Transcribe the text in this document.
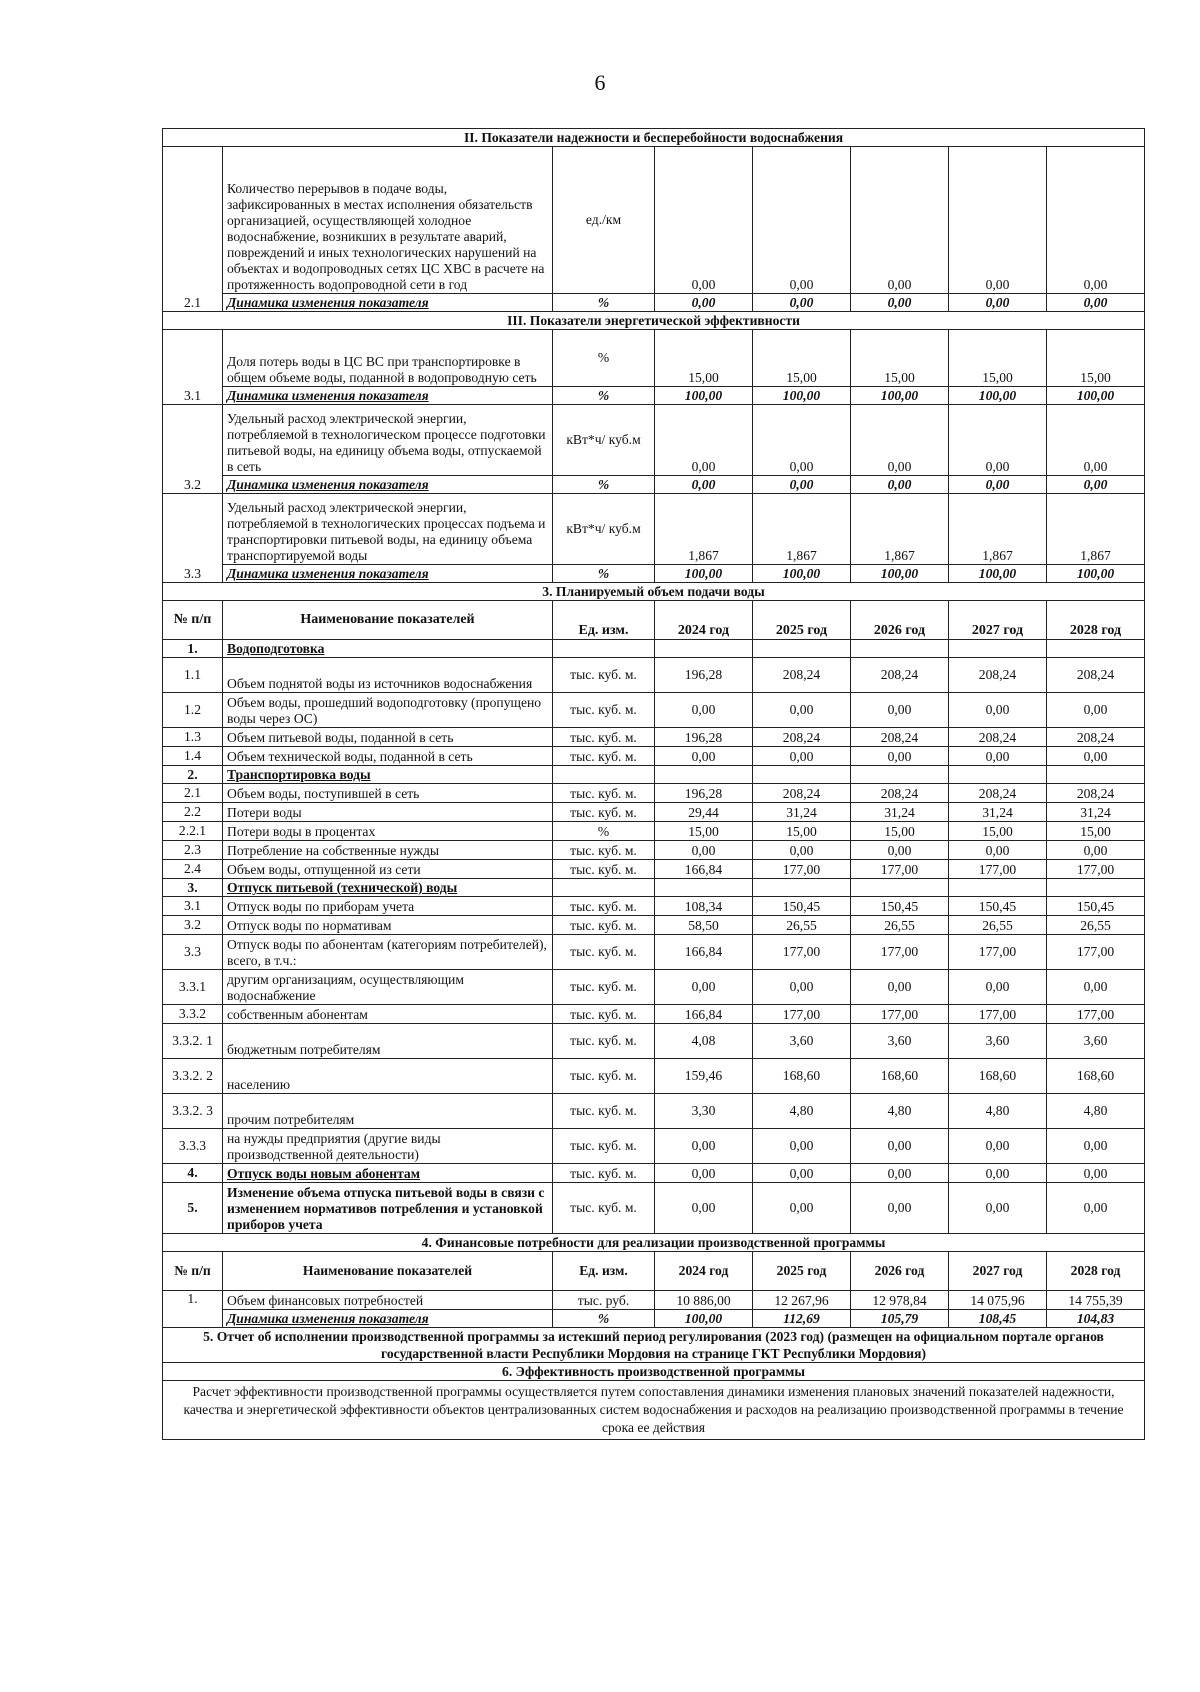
6
II. Показатели надежности и бесперебойности водоснабжения							
2.1	Количество перерывов в подаче воды, зафиксированных в местах исполнения обязательств организацией, осуществляющей холодное водоснабжение, возникших в результате аварий, повреждений и иных технологических нарушений на объектах и водопроводных сетях ЦС ХВС в расчете на протяженность водопроводной сети в год	ед./км	0,00	0,00	0,00	0,00	0,00
	Динамика изменения показателя	%	0,00	0,00	0,00	0,00	0,00
III. Показатели энергетической эффективности							
3.1	Доля потерь воды в ЦС ВС при транспортировке в общем объеме воды, поданной в водопроводную сеть	%	15,00	15,00	15,00	15,00	15,00
	Динамика изменения показателя	%	100,00	100,00	100,00	100,00	100,00
3.2	Удельный расход электрической энергии, потребляемой в технологическом процессе подготовки питьевой воды, на единицу объема воды, отпускаемой в сеть	кВт*ч/ куб.м	0,00	0,00	0,00	0,00	0,00
	Динамика изменения показателя	%	0,00	0,00	0,00	0,00	0,00
3.3	Удельный расход электрической энергии, потребляемой в технологических процессах подъема и транспортировки питьевой воды, на единицу объема транспортируемой воды	кВт*ч/ куб.м	1,867	1,867	1,867	1,867	1,867
	Динамика изменения показателя	%	100,00	100,00	100,00	100,00	100,00
3. Планируемый объем подачи воды							
№ п/п	Наименование показателей	Ед. изм.	2024 год	2025 год	2026 год	2027 год	2028 год
1.	Водоподготовка						
1.1	Объем поднятой воды из источников водоснабжения	тыс. куб. м.	196,28	208,24	208,24	208,24	208,24
1.2	Объем воды, прошедший водоподготовку (пропущено воды через ОС)	тыс. куб. м.	0,00	0,00	0,00	0,00	0,00
1.3	Объем питьевой воды, поданной в сеть	тыс. куб. м.	196,28	208,24	208,24	208,24	208,24
1.4	Объем технической воды, поданной в сеть	тыс. куб. м.	0,00	0,00	0,00	0,00	0,00
2.	Транспортировка воды						
2.1	Объем воды, поступившей в сеть	тыс. куб. м.	196,28	208,24	208,24	208,24	208,24
2.2	Потери воды	тыс. куб. м.	29,44	31,24	31,24	31,24	31,24
2.2.1	Потери воды в процентах	%	15,00	15,00	15,00	15,00	15,00
2.3	Потребление на собственные нужды	тыс. куб. м.	0,00	0,00	0,00	0,00	0,00
2.4	Объем воды, отпущенной из сети	тыс. куб. м.	166,84	177,00	177,00	177,00	177,00
3.	Отпуск питьевой (технической) воды						
3.1	Отпуск воды по приборам учета	тыс. куб. м.	108,34	150,45	150,45	150,45	150,45
3.2	Отпуск воды по нормативам	тыс. куб. м.	58,50	26,55	26,55	26,55	26,55
3.3	Отпуск воды по абонентам (категориям потребителей), всего, в т.ч.:	тыс. куб. м.	166,84	177,00	177,00	177,00	177,00
3.3.1	другим организациям, осуществляющим водоснабжение	тыс. куб. м.	0,00	0,00	0,00	0,00	0,00
3.3.2	собственным абонентам	тыс. куб. м.	166,84	177,00	177,00	177,00	177,00
3.3.2. 1	бюджетным потребителям	тыс. куб. м.	4,08	3,60	3,60	3,60	3,60
3.3.2. 2	населению	тыс. куб. м.	159,46	168,60	168,60	168,60	168,60
3.3.2. 3	прочим потребителям	тыс. куб. м.	3,30	4,80	4,80	4,80	4,80
3.3.3	на нужды предприятия (другие виды производственной деятельности)	тыс. куб. м.	0,00	0,00	0,00	0,00	0,00
4.	Отпуск воды новым абонентам	тыс. куб. м.	0,00	0,00	0,00	0,00	0,00
5.	Изменение объема отпуска питьевой воды в связи с изменением нормативов потребления и установкой приборов учета	тыс. куб. м.	0,00	0,00	0,00	0,00	0,00
4. Финансовые потребности для реализации производственной программы							
№ п/п	Наименование показателей	Ед. изм.	2024 год	2025 год	2026 год	2027 год	2028 год
1.	Объем финансовых потребностей	тыс. руб.	10 886,00	12 267,96	12 978,84	14 075,96	14 755,39
	Динамика изменения показателя	%	100,00	112,69	105,79	108,45	104,83
5. Отчет об исполнении производственной программы за истекший период регулирования (2023 год) (размещен на официальном портале органов государственной власти Республики Мордовия на странице ГКТ Республики Мордовия)							
6. Эффективность производственной программы							
Расчет эффективности производственной программы осуществляется путем сопоставления динамики изменения плановых значений показателей надежности, качества и энергетической эффективности объектов централизованных систем водоснабжения и расходов на реализацию производственной программы в течение срока ее действия							
